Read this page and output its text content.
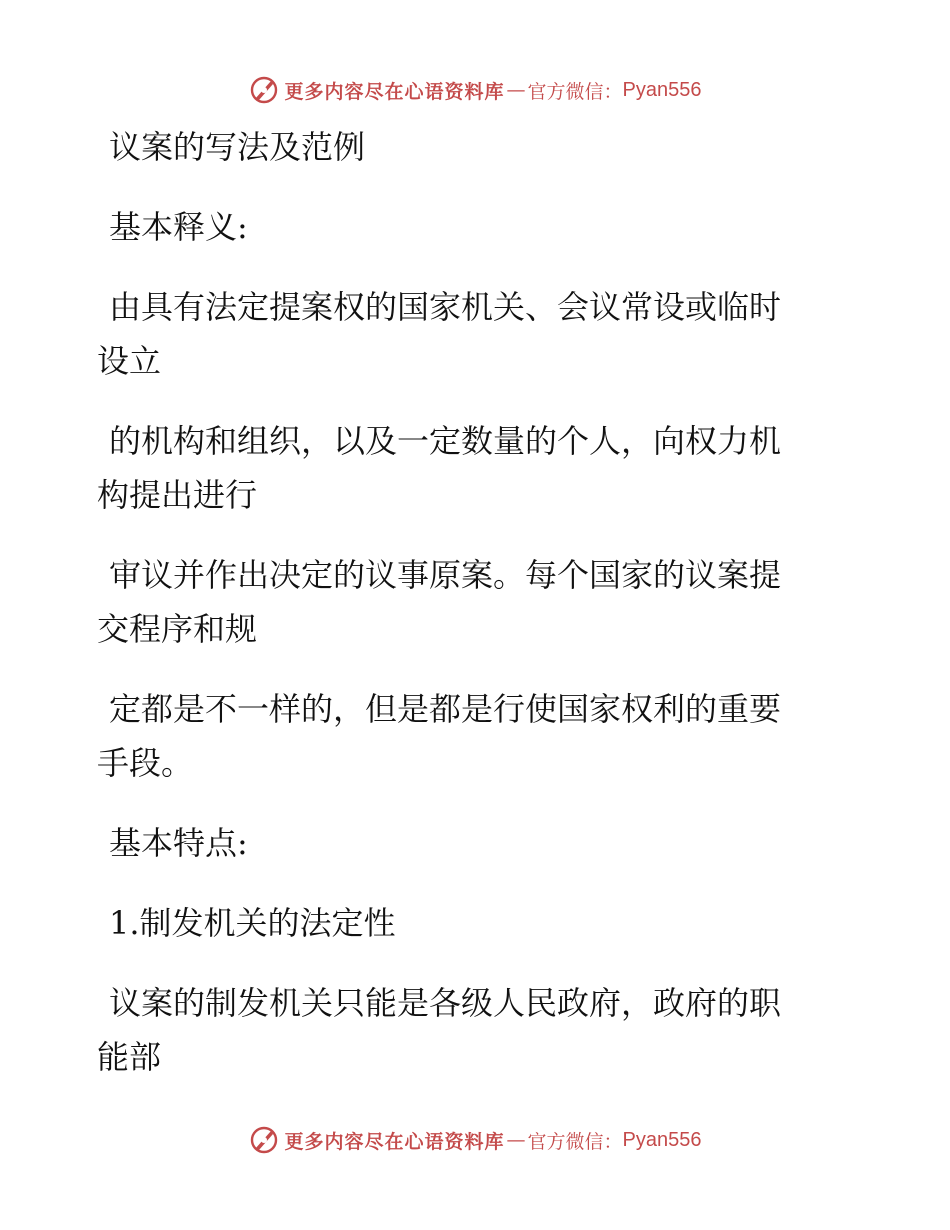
更多内容尽在心语资料库 — 官方微信： Pyan556
议案的写法及范例
基本释义:
由具有法定提案权的国家机关、会议常设或临时
设立
的机构和组织，以及一定数量的个人，向权力机
构提出进行
审议并作出决定的议事原案。每个国家的议案提
交程序和规
定都是不一样的，但是都是行使国家权利的重要
手段。
基本特点:
1.制发机关的法定性
议案的制发机关只能是各级人民政府，政府的职
能部
更多内容尽在心语资料库 — 官方微信： Pyan556
